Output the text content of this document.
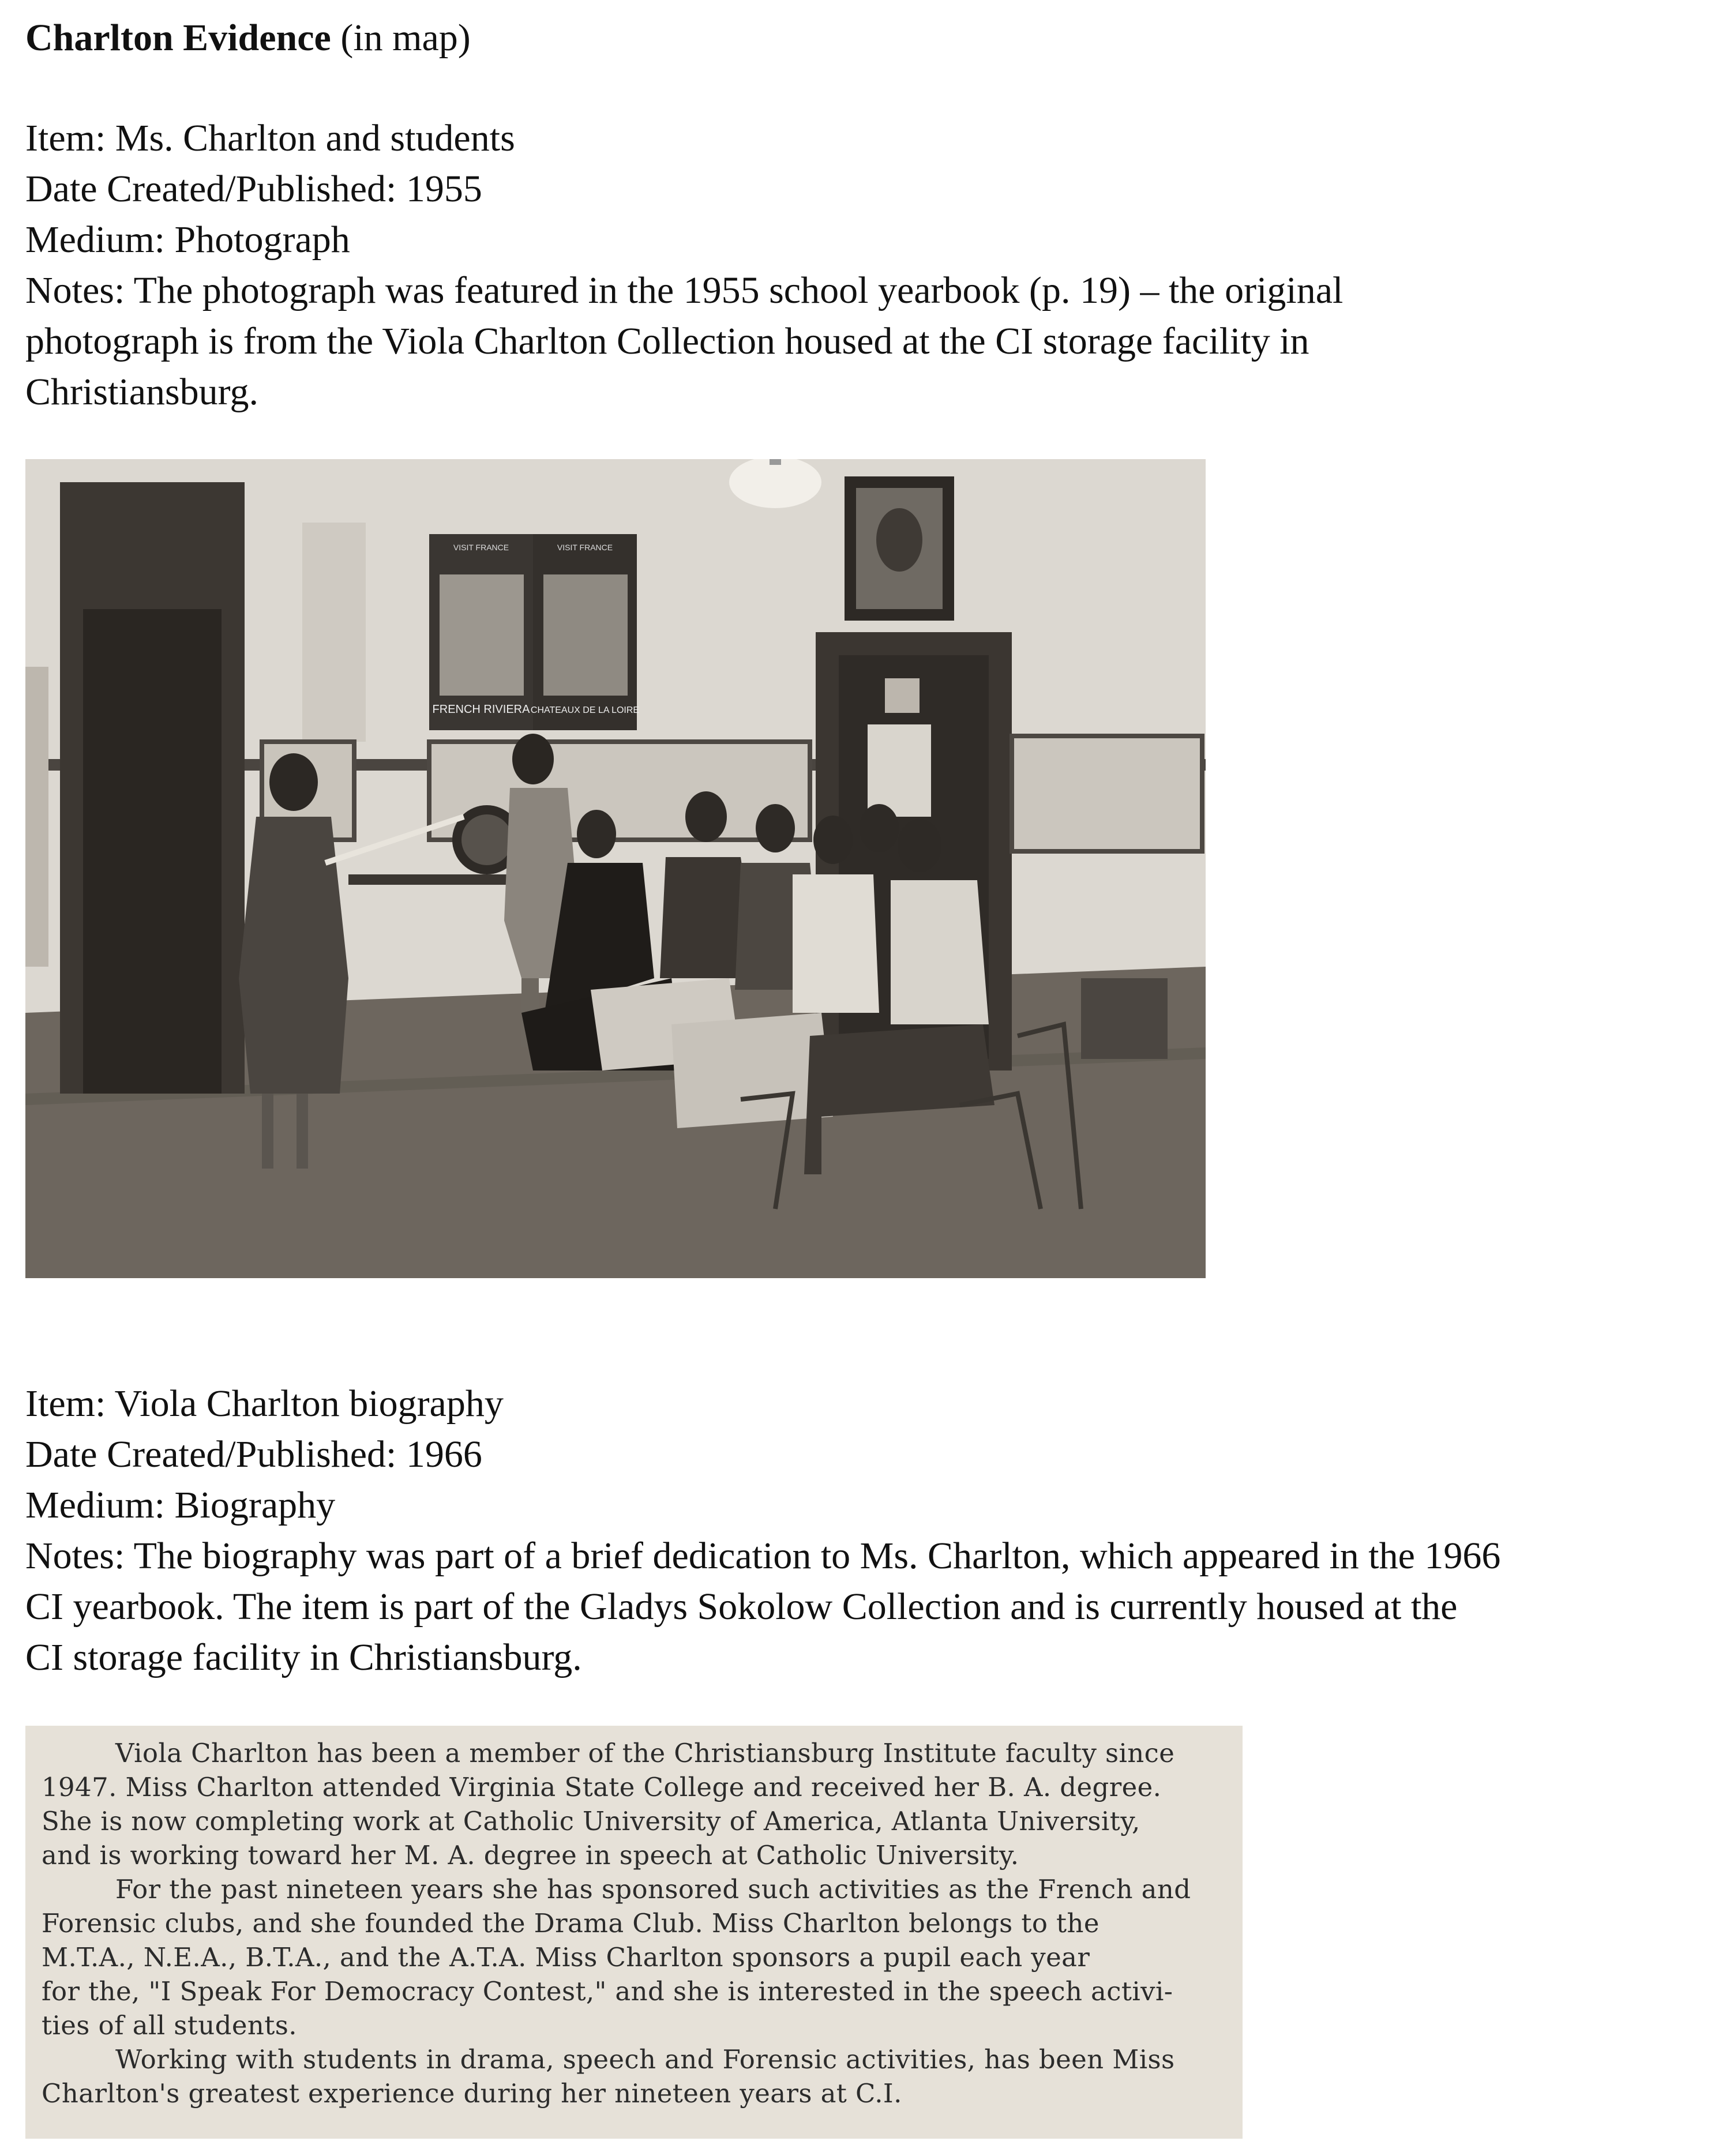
Charlton Evidence (in map)
Item: Ms. Charlton and students
Date Created/Published: 1955
Medium: Photograph
Notes: The photograph was featured in the 1955 school yearbook (p. 19) – the original
photograph is from the Viola Charlton Collection housed at the CI storage facility in
Christiansburg.
VISIT FRANCE	VISIT FRANCE
FRENCH RIVIERA CHATEAUX DE LA LOIRE
Item: Viola Charlton biography
Date Created/Published: 1966
Medium: Biography
Notes: The biography was part of a brief dedication to Ms. Charlton, which appeared in the 1966
CI yearbook. The item is part of the Gladys Sokolow Collection and is currently housed at the
CI storage facility in Christiansburg.

Viola Charlton has been a member of the Christiansburg Institute faculty since

1947. Miss Charlton attended Virginia State College and received her B. A. degree.

She is now completing work at Catholic University of America, Atlanta University,

and is working toward her M. A. degree in speech at Catholic University.

For the past nineteen years she has sponsored such activities as the French and

Forensic clubs, and she founded the Drama Club. Miss Charlton belongs to the

M.T.A., N.E.A., B.T.A., and the A.T.A. Miss Charlton sponsors a pupil each year

for the, "I Speak For Democracy Contest," and she is interested in the speech activi-

ties of all students.

Working with students in drama, speech and Forensic activities, has been Miss

Charlton's greatest experience during her nineteen years at C.I.
